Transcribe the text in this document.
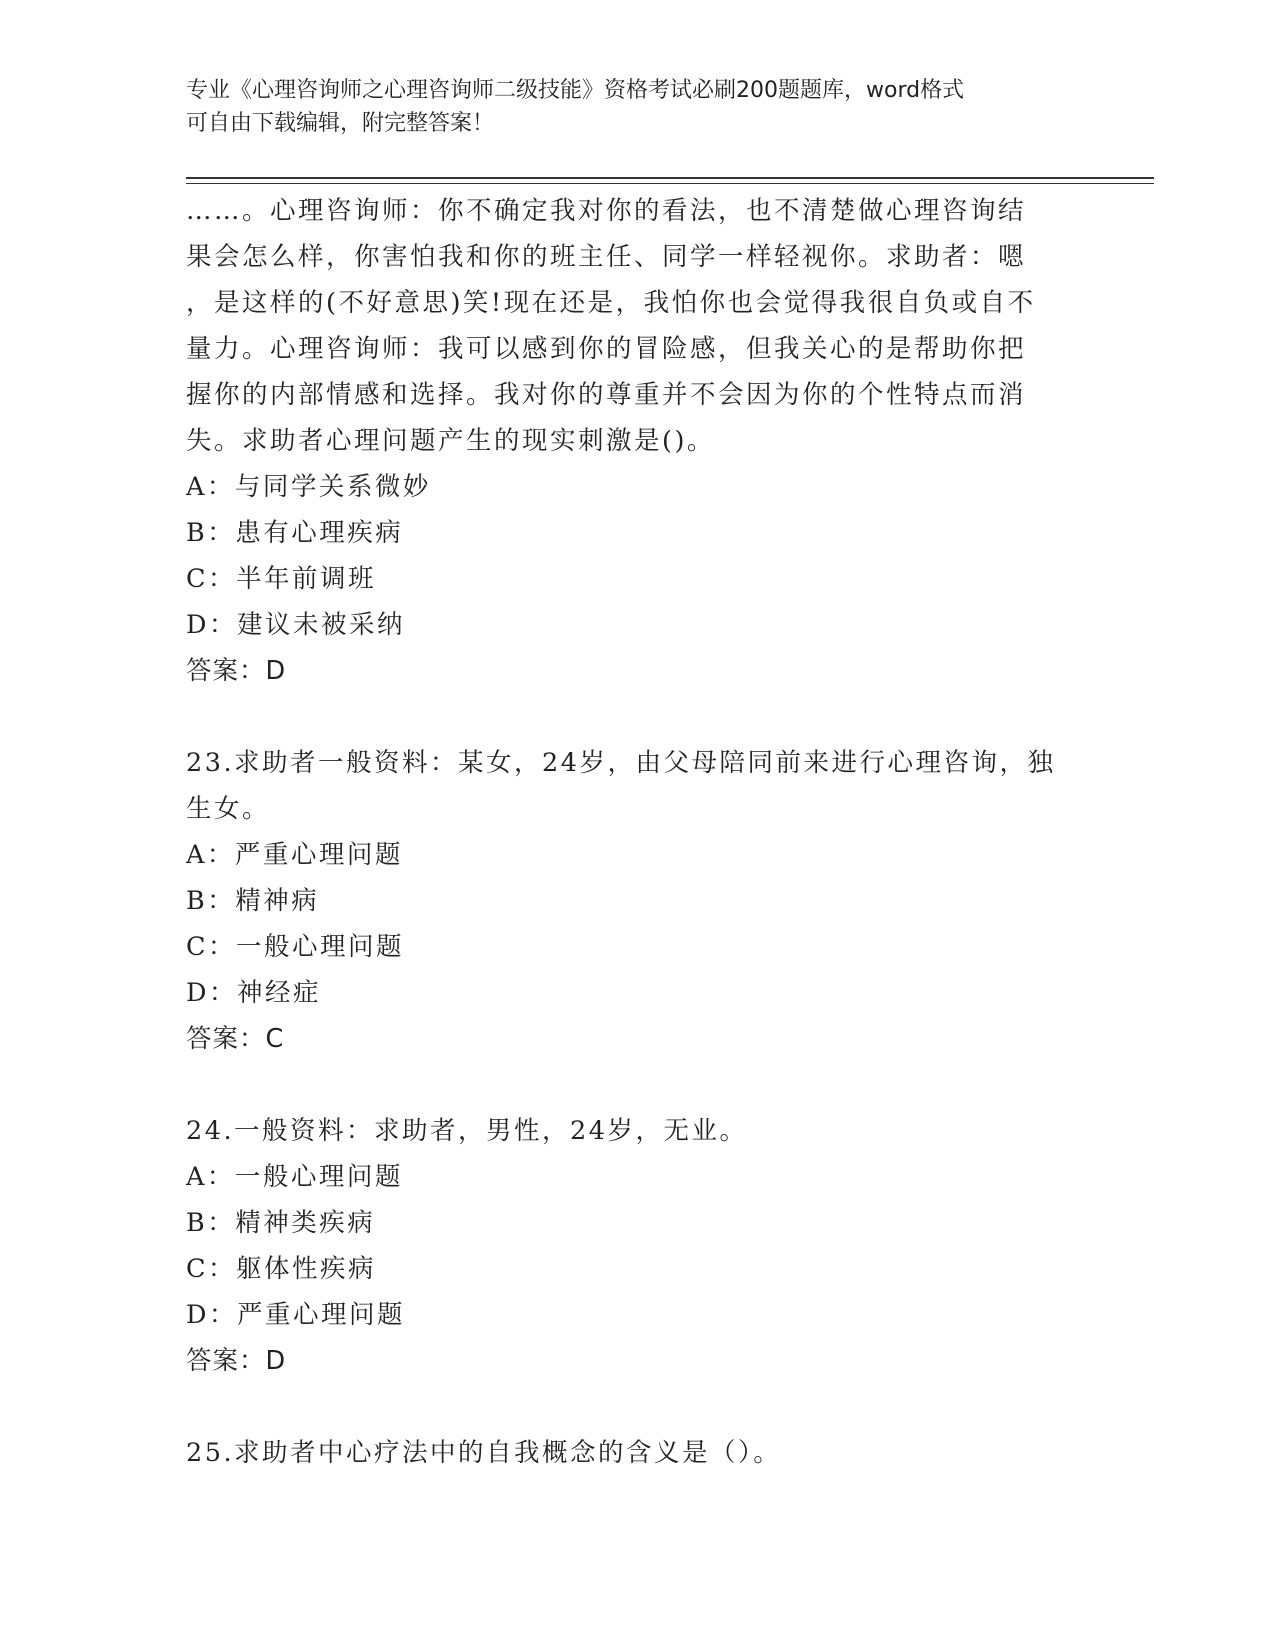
专业《心理咨询师之心理咨询师二级技能》资格考试必刷200题题库，word格式
可自由下载编辑，附完整答案！
……。心理咨询师：你不确定我对你的看法，也不清楚做心理咨询结
果会怎么样，你害怕我和你的班主任、同学一样轻视你。求助者：嗯
，是这样的(不好意思)笑!现在还是，我怕你也会觉得我很自负或自不
量力。心理咨询师：我可以感到你的冒险感，但我关心的是帮助你把
握你的内部情感和选择。我对你的尊重并不会因为你的个性特点而消
失。求助者心理问题产生的现实刺激是()。
A：与同学关系微妙
B：患有心理疾病
C：半年前调班
D：建议未被采纳
答案：D
23.求助者一般资料：某女，24岁，由父母陪同前来进行心理咨询，独
生女。
A：严重心理问题
B：精神病
C：一般心理问题
D：神经症
答案：C
24.一般资料：求助者，男性，24岁，无业。
A：一般心理问题
B：精神类疾病
C：躯体性疾病
D：严重心理问题
答案：D
25.求助者中心疗法中的自我概念的含义是（）。
